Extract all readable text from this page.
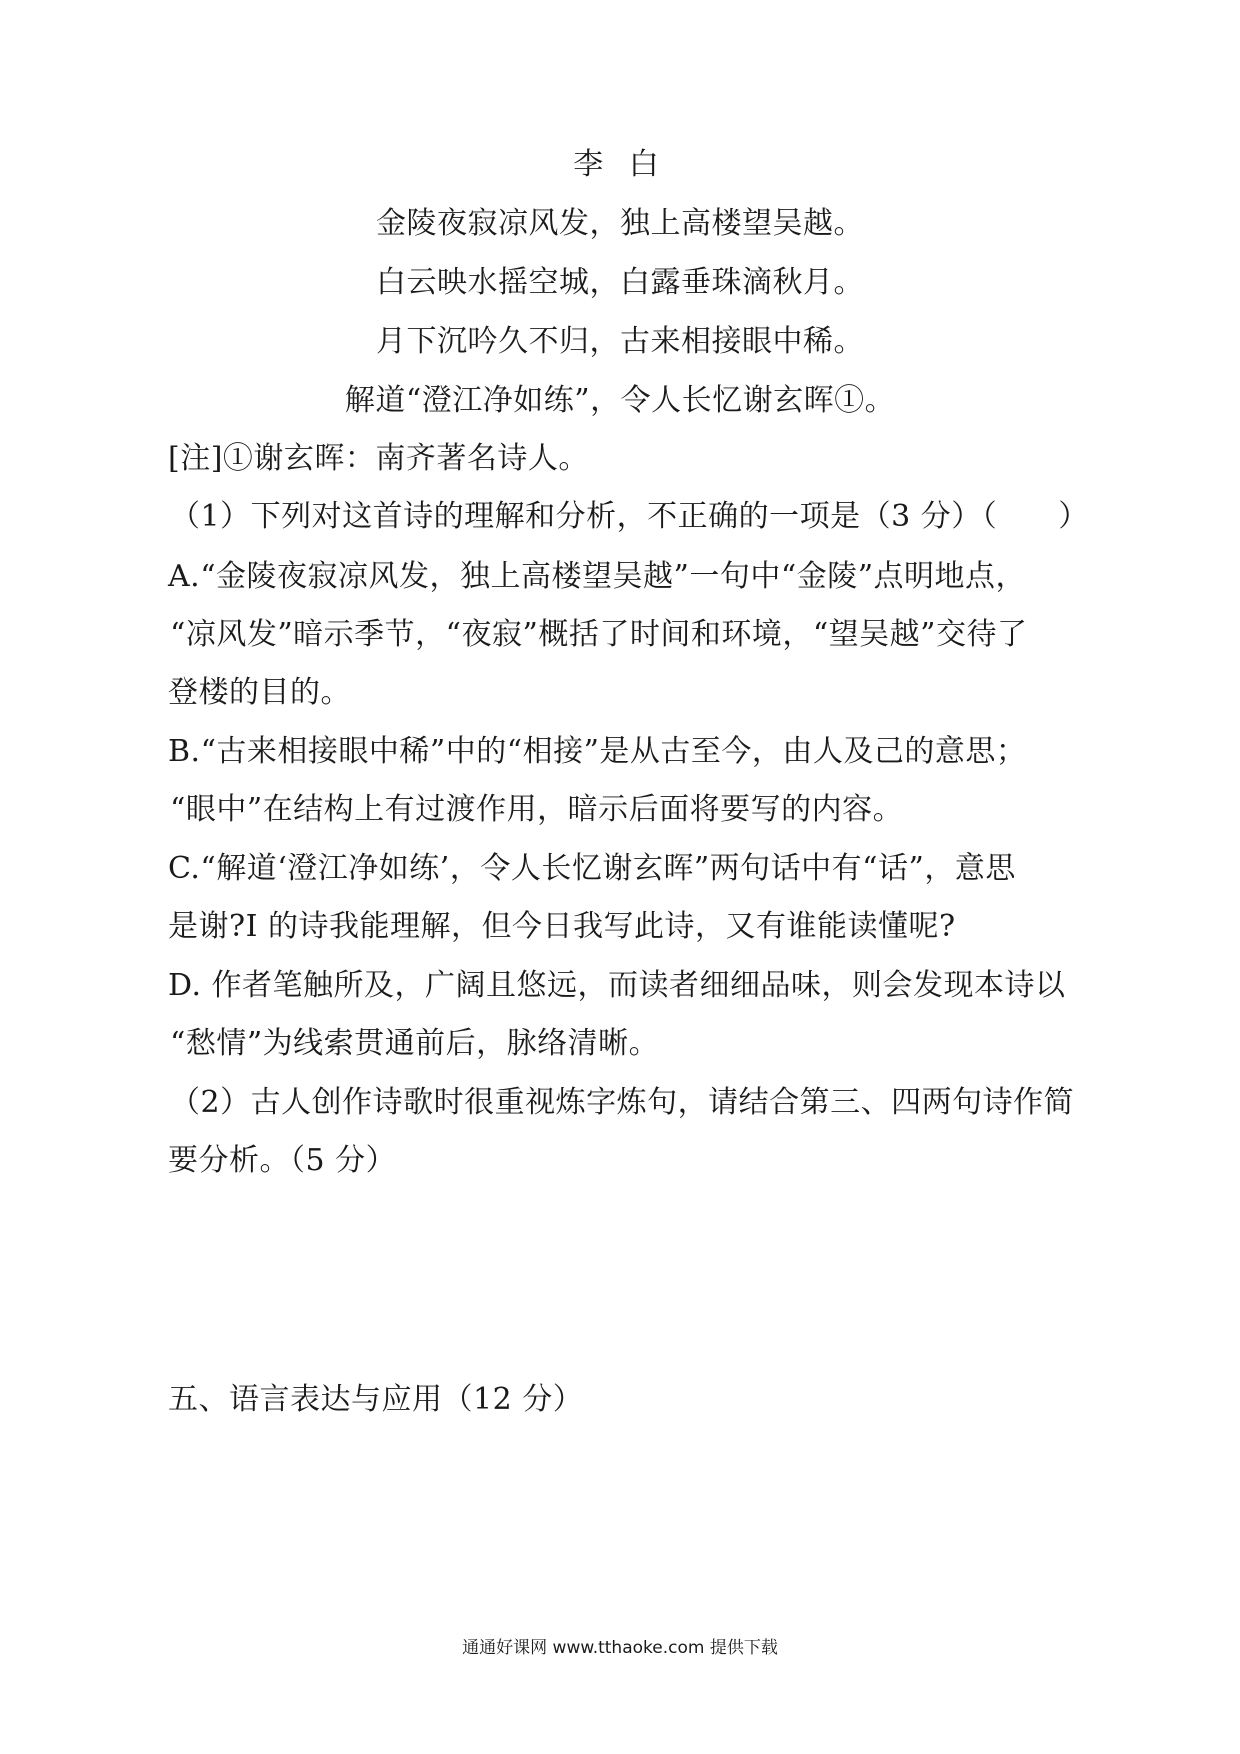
李 白
金陵夜寂凉风发，独上高楼望吴越。
白云映水摇空城，白露垂珠滴秋月。
月下沉吟久不归，古来相接眼中稀。
解道“澄江净如练”，令人长忆谢玄晖①。
[注]①谢玄晖：南齐著名诗人。
（1）下列对这首诗的理解和分析，不正确的一项是（3 分）（　　）
A.“金陵夜寂凉风发，独上高楼望吴越”一句中“金陵”点明地点，
“凉风发”暗示季节，“夜寂”概括了时间和环境，“望吴越”交待了
登楼的目的。
B.“古来相接眼中稀”中的“相接”是从古至今，由人及己的意思；
“眼中”在结构上有过渡作用，暗示后面将要写的内容。
C.“解道‘澄江净如练’，令人长忆谢玄晖”两句话中有“话”，意思
是谢?I 的诗我能理解，但今日我写此诗，又有谁能读懂呢?
D. 作者笔触所及，广阔且悠远，而读者细细品味，则会发现本诗以
“愁情”为线索贯通前后，脉络清晰。
（2）古人创作诗歌时很重视炼字炼句，请结合第三、四两句诗作简
要分析。（5 分）
五、语言表达与应用（12 分）
通通好课网 www.tthaoke.com 提供下载
